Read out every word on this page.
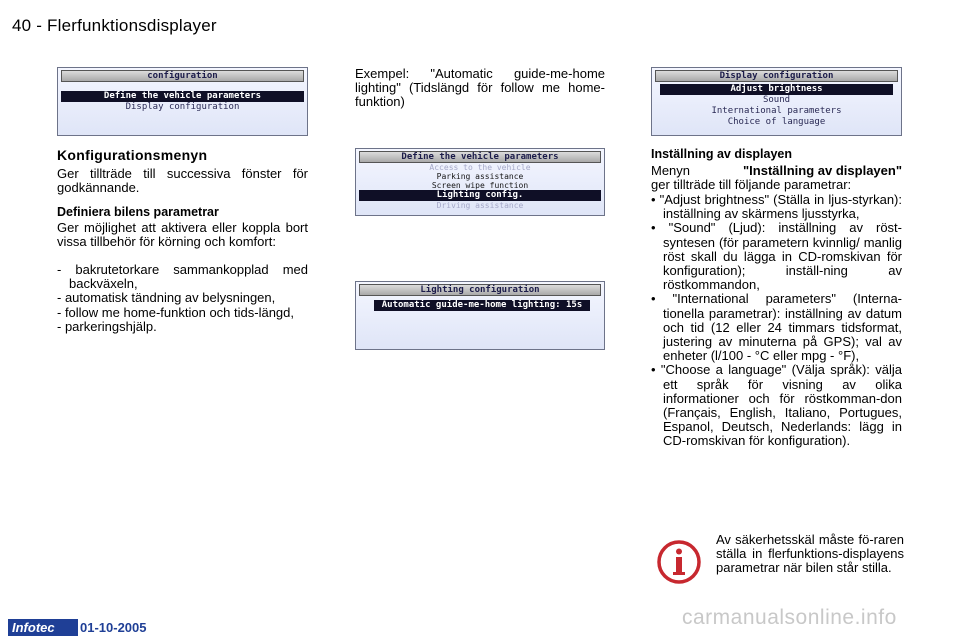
40 - Flerfunktionsdisplayer
configuration
Define the vehicle parameters
Display configuration
Konfigurationsmenyn
Ger tillträde till successiva fönster för godkännande.
Definiera bilens parametrar
Ger möjlighet att aktivera eller koppla bort vissa tillbehör för körning och komfort:
- bakrutetorkare sammankopplad med backväxeln,
- automatisk tändning av belysningen,
- follow me home-funktion och tids-längd,
- parkeringshjälp.
Exempel: "Automatic guide-me-home lighting" (Tidslängd för follow me home-funktion)
Define the vehicle parameters
Access to the vehicle
Parking assistance
Screen wipe function
Lighting config.
Driving assistance
Lighting configuration
Automatic guide-me-home lighting: 15s
Display configuration
Adjust brightness
Sound
International parameters
Choice of language
Inställning av displayen
Menyn	"Inställning av displayen"
ger tillträde till följande parametrar:
• "Adjust brightness" (Ställa in ljus-styrkan): inställning av skärmens ljusstyrka,
• "Sound" (Ljud): inställning av röst-syntesen (för parametern kvinnlig/ manlig röst skall du lägga in CD-romskivan för konfiguration); inställ-ning av röstkommandon,
• "International parameters" (Interna-tionella parametrar): inställning av datum och tid (12 eller 24 timmars tidsformat, justering av minuterna på GPS); val av enheter (l/100 - °C eller mpg - °F),
• "Choose a language" (Välja språk): välja ett språk för visning av olika informationer och för röstkomman-don (Français, English, Italiano, Portugues, Espanol, Deutsch, Nederlands: lägg in CD-romskivan för konfiguration).
Av säkerhetsskäl måste fö-raren ställa in flerfunktions-displayens parametrar när bilen står stilla.
Infotec	01-10-2005	carmanualsonline.info
